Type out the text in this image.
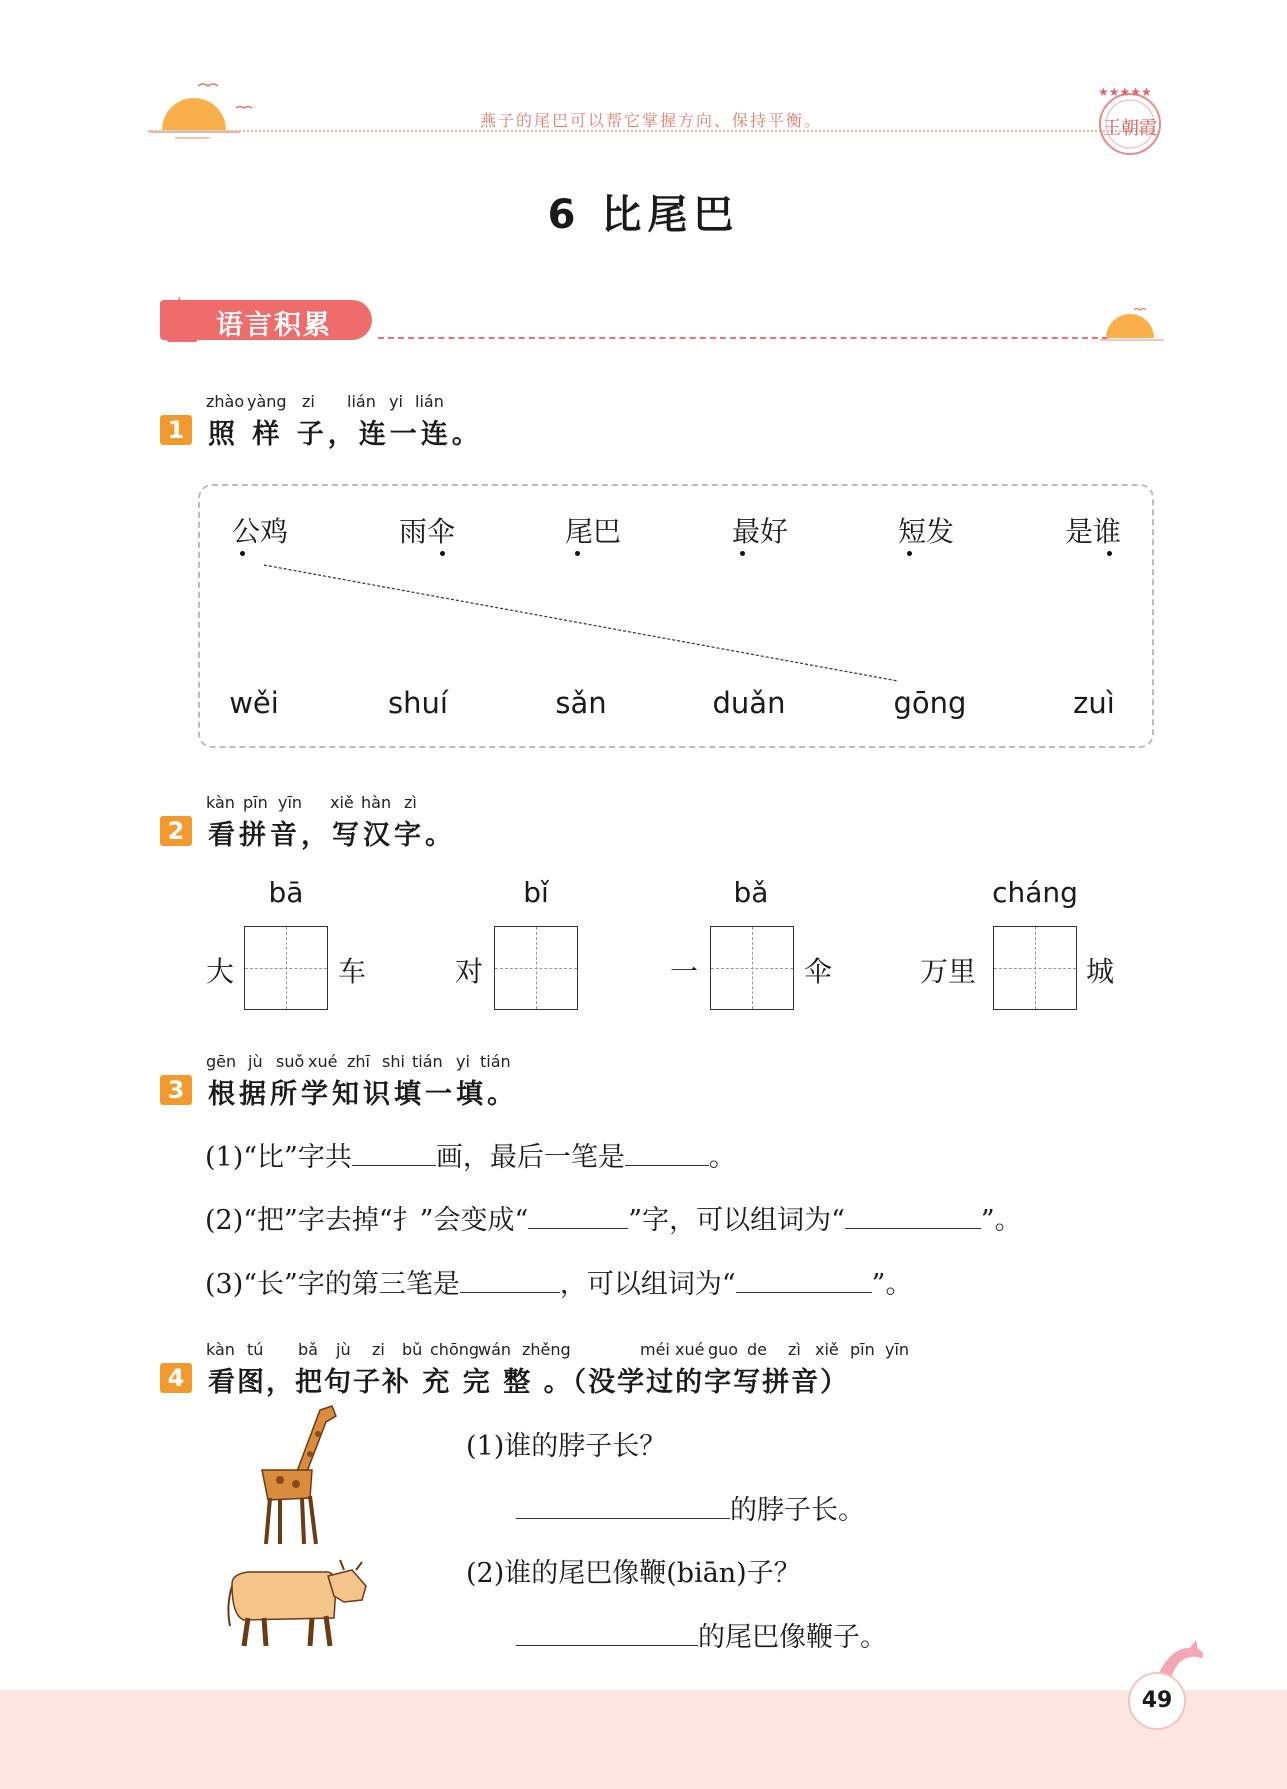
燕子的尾巴可以帮它掌握方向、保持平衡。
★★★★★
王朝霞
6 比尾巴
语言积累
zhào yàng zi lián yi lián
1 照 样 子，连一连。
公鸡	雨伞	尾巴	最好	短发	是谁
wěi	shuí	sǎn	duǎn	gōng	zuì
kàn pīn yīn xiě hàn zì
2 看拼音，写汉字。
bā
大	车
bǐ
对
bǎ
一	伞
cháng
万里	城
gēn jù suǒ xué zhī shi tián yi tián
3 根据所学知识填一填。
(1)“比”字共	画，最后一笔是	。
(2)“把”字去掉“扌”会变成“	”字，可以组词为“	”。
(3)“长”字的第三笔是	，可以组词为“	”。
kàn tú bǎ jù zi bǔ chōng
wán zhěng	méi xué guo de zì xiě pīn yīn
4 看图，把句子补 充 完 整 。（没学过的字写拼音）
(1)谁的脖子长？
的脖子长。
(2)谁的尾巴像鞭(biān)子？
的尾巴像鞭子。
49
